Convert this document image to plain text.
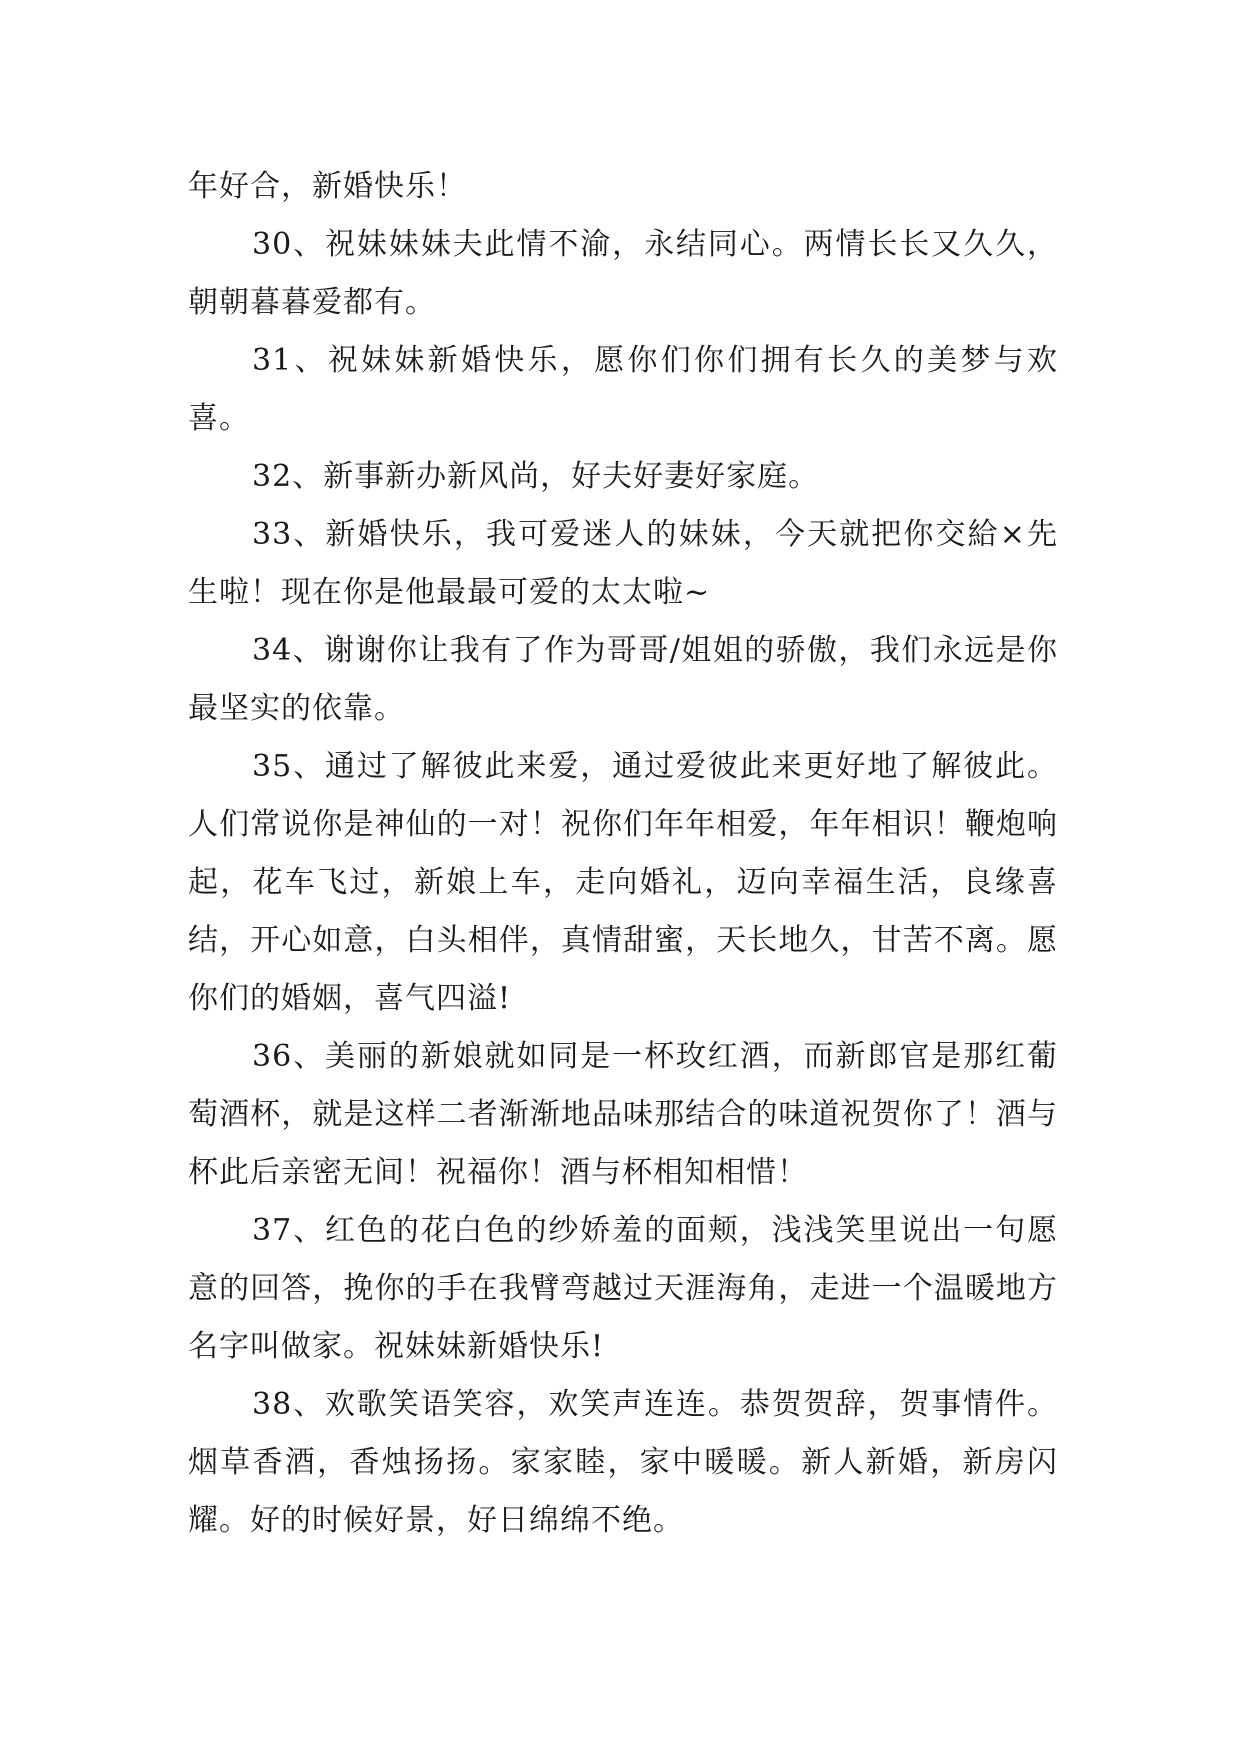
年好合，新婚快乐！

30、祝妹妹妹夫此情不渝，永结同心。两情长长又久久，朝朝暮暮爱都有。

31、祝妹妹新婚快乐，愿你们你们拥有长久的美梦与欢喜。

32、新事新办新风尚，好夫好妻好家庭。

33、新婚快乐，我可爱迷人的妹妹，今天就把你交給×先生啦！现在你是他最最可爱的太太啦~

34、谢谢你让我有了作为哥哥/姐姐的骄傲，我们永远是你最坚实的依靠。

35、通过了解彼此来爱，通过爱彼此来更好地了解彼此。人们常说你是神仙的一对！祝你们年年相爱，年年相识！鞭炮响起，花车飞过，新娘上车，走向婚礼，迈向幸福生活，良缘喜结，开心如意，白头相伴，真情甜蜜，天长地久，甘苦不离。愿你们的婚姻，喜气四溢!

36、美丽的新娘就如同是一杯玫红酒，而新郎官是那红葡萄酒杯，就是这样二者渐渐地品味那结合的味道祝贺你了！酒与杯此后亲密无间！祝福你！酒与杯相知相惜！

37、红色的花白色的纱娇羞的面颊，浅浅笑里说出一句愿意的回答，挽你的手在我臂弯越过天涯海角，走进一个温暖地方名字叫做家。祝妹妹新婚快乐!

38、欢歌笑语笑容，欢笑声连连。恭贺贺辞，贺事情件。烟草香酒，香烛扬扬。家家睦，家中暖暖。新人新婚，新房闪耀。好的时候好景，好日绵绵不绝。
